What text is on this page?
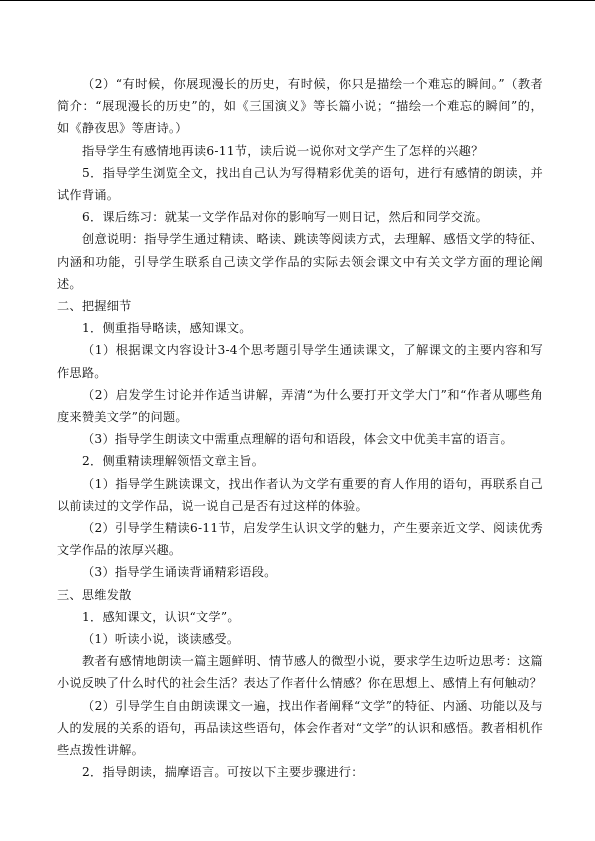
（2）“有时候，你展现漫长的历史，有时候，你只是描绘一个难忘的瞬间。”（教者简介：“展现漫长的历史”的，如《三国演义》等长篇小说；“描绘一个难忘的瞬间”的，如《静夜思》等唐诗。）

指导学生有感情地再读6-11节，读后说一说你对文学产生了怎样的兴趣？

5．指导学生浏览全文，找出自己认为写得精彩优美的语句，进行有感情的朗读，并试作背诵。

6．课后练习：就某一文学作品对你的影响写一则日记，然后和同学交流。

创意说明：指导学生通过精读、略读、跳读等阅读方式，去理解、感悟文学的特征、内涵和功能，引导学生联系自己读文学作品的实际去领会课文中有关文学方面的理论阐述。

二、把握细节

1．侧重指导略读，感知课文。

（1）根据课文内容设计3-4个思考题引导学生通读课文，了解课文的主要内容和写作思路。

（2）启发学生讨论并作适当讲解，弄清“为什么要打开文学大门”和“作者从哪些角度来赞美文学”的问题。

（3）指导学生朗读文中需重点理解的语句和语段，体会文中优美丰富的语言。

2．侧重精读理解领悟文章主旨。

（1）指导学生跳读课文，找出作者认为文学有重要的育人作用的语句，再联系自己以前读过的文学作品，说一说自己是否有过这样的体验。

（2）引导学生精读6-11节，启发学生认识文学的魅力，产生要亲近文学、阅读优秀文学作品的浓厚兴趣。

（3）指导学生诵读背诵精彩语段。

三、思维发散

1．感知课文，认识“文学”。

（1）听读小说，谈读感受。

教者有感情地朗读一篇主题鲜明、情节感人的微型小说，要求学生边听边思考：这篇小说反映了什么时代的社会生活？表达了作者什么情感？你在思想上、感情上有何触动？

（2）引导学生自由朗读课文一遍，找出作者阐释“文学”的特征、内涵、功能以及与人的发展的关系的语句，再品读这些语句，体会作者对“文学”的认识和感悟。教者相机作些点拨性讲解。

2．指导朗读，揣摩语言。可按以下主要步骤进行：
